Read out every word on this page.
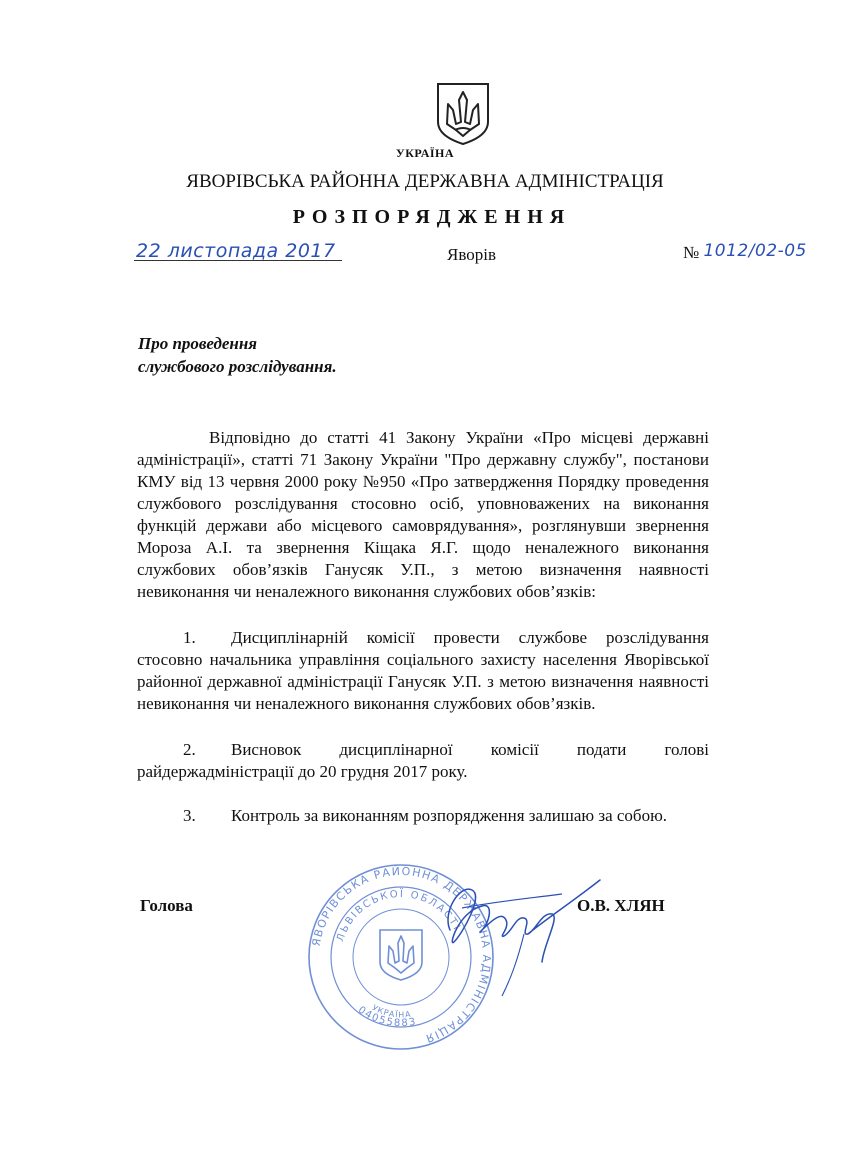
УКРАЇНА
ЯВОРІВСЬКА РАЙОННА ДЕРЖАВНА АДМІНІСТРАЦІЯ
РОЗПОРЯДЖЕННЯ
22 листопада 2017	Яворів	№ 1012/02-05
Про проведення
службового розслідування.
Відповідно до статті 41 Закону України «Про місцеві державні адміністрації», статті 71 Закону України "Про державну службу", постанови КМУ від 13 червня 2000 року №950 «Про затвердження Порядку проведення службового розслідування стосовно осіб, уповноважених на виконання функцій держави або місцевого самоврядування», розглянувши звернення Мороза А.І. та звернення Кіщака Я.Г. щодо неналежного виконання службових обов’язків Ганусяк У.П., з метою визначення наявності невиконання чи неналежного виконання службових обов’язків:
1. Дисциплінарній комісії провести службове розслідування стосовно начальника управління соціального захисту населення Яворівської районної державної адміністрації Ганусяк У.П. з метою визначення наявності невиконання чи неналежного виконання службових обов’язків.
2. Висновок дисциплінарної комісії подати голові райдержадміністрації до 20 грудня 2017 року.
3. Контроль за виконанням розпорядження залишаю за собою.
Голова
ЯВОРІВСЬКА РАЙОННА ДЕРЖАВНА АДМІНІСТРАЦІЯ
ЛЬВІВСЬКОЇ ОБЛАСТІ
04055883
УКРАЇНА
О.В. ХЛЯН
